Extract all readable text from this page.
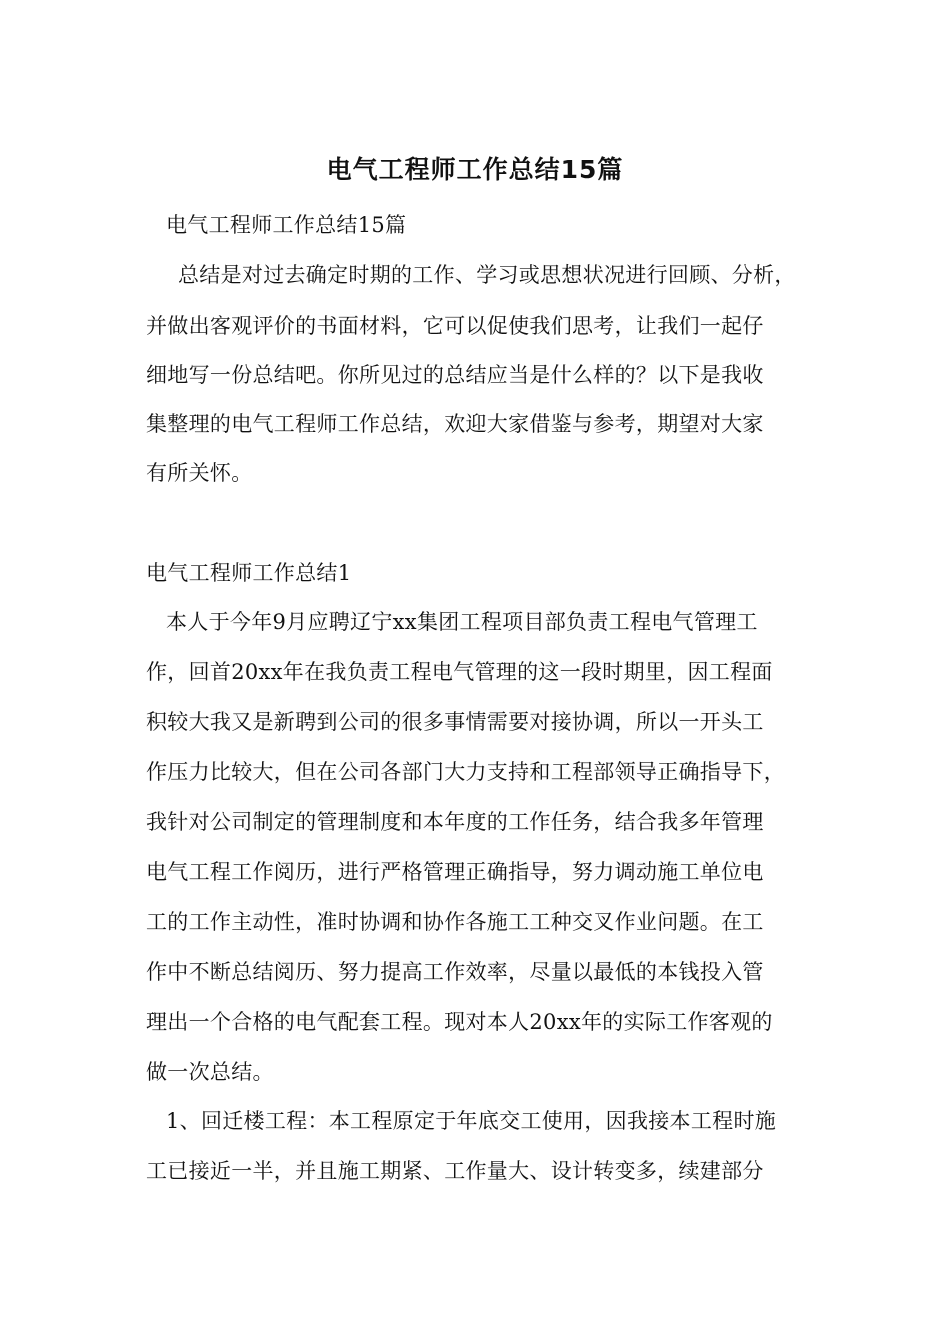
电气工程师工作总结15篇
电气工程师工作总结15篇
总结是对过去确定时期的工作、学习或思想状况进行回顾、分析，
并做出客观评价的书面材料，它可以促使我们思考，让我们一起仔
细地写一份总结吧。你所见过的总结应当是什么样的？以下是我收
集整理的电气工程师工作总结，欢迎大家借鉴与参考，期望对大家
有所关怀。
电气工程师工作总结1
本人于今年9月应聘辽宁xx集团工程项目部负责工程电气管理工
作，回首20xx年在我负责工程电气管理的这一段时期里，因工程面
积较大我又是新聘到公司的很多事情需要对接协调，所以一开头工
作压力比较大，但在公司各部门大力支持和工程部领导正确指导下，
我针对公司制定的管理制度和本年度的工作任务，结合我多年管理
电气工程工作阅历，进行严格管理正确指导，努力调动施工单位电
工的工作主动性，准时协调和协作各施工工种交叉作业问题。在工
作中不断总结阅历、努力提高工作效率，尽量以最低的本钱投入管
理出一个合格的电气配套工程。现对本人20xx年的实际工作客观的
做一次总结。
1、回迁楼工程：本工程原定于年底交工使用，因我接本工程时施
工已接近一半，并且施工期紧、工作量大、设计转变多，续建部分
